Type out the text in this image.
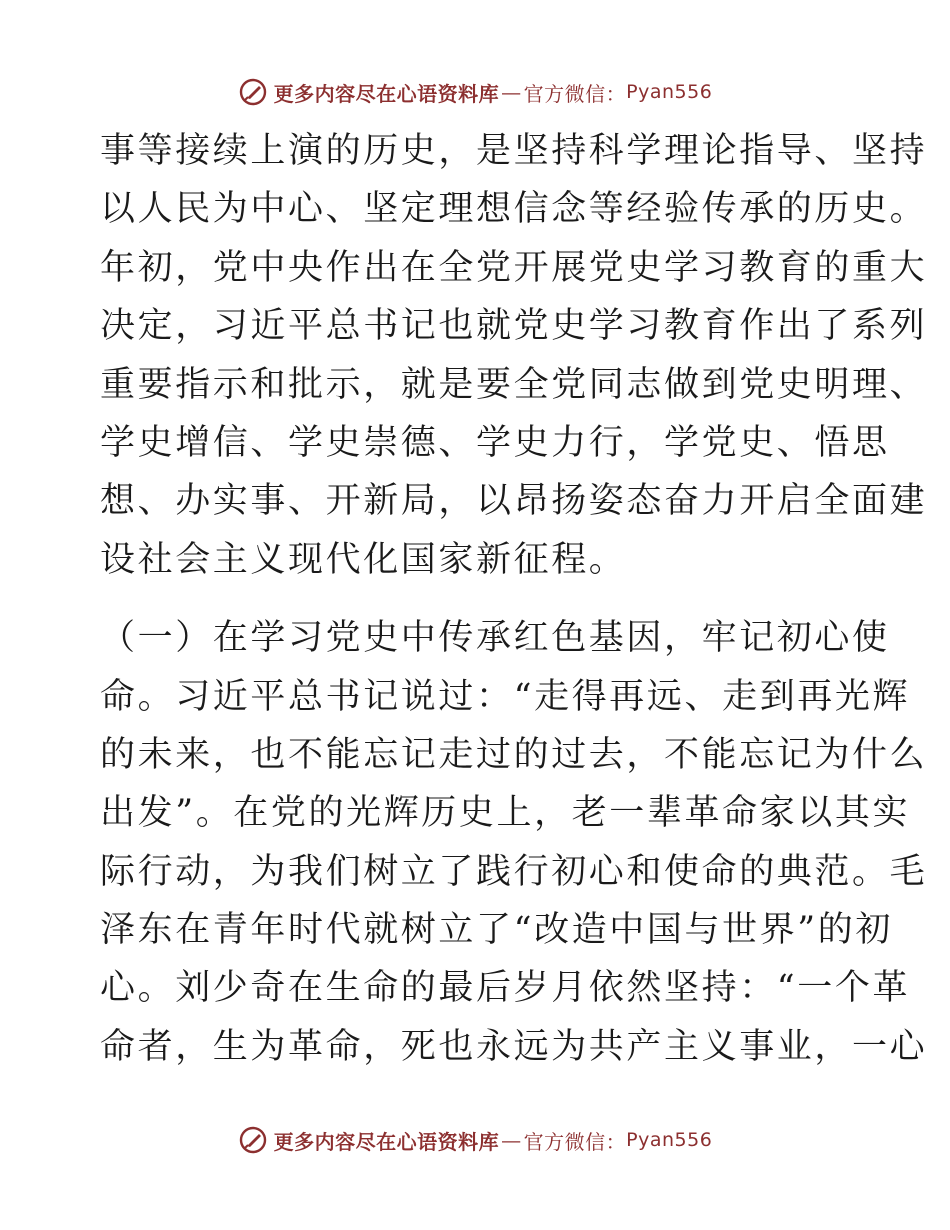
更多内容尽在心语资料库 — 官方微信： Pyan556
事等接续上演的历史，是坚持科学理论指导、坚持
以人民为中心、坚定理想信念等经验传承的历史。
年初，党中央作出在全党开展党史学习教育的重大
决定，习近平总书记也就党史学习教育作出了系列
重要指示和批示，就是要全党同志做到党史明理、
学史增信、学史崇德、学史力行，学党史、悟思
想、办实事、开新局，以昂扬姿态奋力开启全面建
设社会主义现代化国家新征程。
（一）在学习党史中传承红色基因，牢记初心使
命。习近平总书记说过：“走得再远、走到再光辉
的未来，也不能忘记走过的过去，不能忘记为什么
出发”。在党的光辉历史上，老一辈革命家以其实
际行动，为我们树立了践行初心和使命的典范。毛
泽东在青年时代就树立了“改造中国与世界”的初
心。刘少奇在生命的最后岁月依然坚持：“一个革
命者，生为革命，死也永远为共产主义事业，一心
更多内容尽在心语资料库 — 官方微信： Pyan556
